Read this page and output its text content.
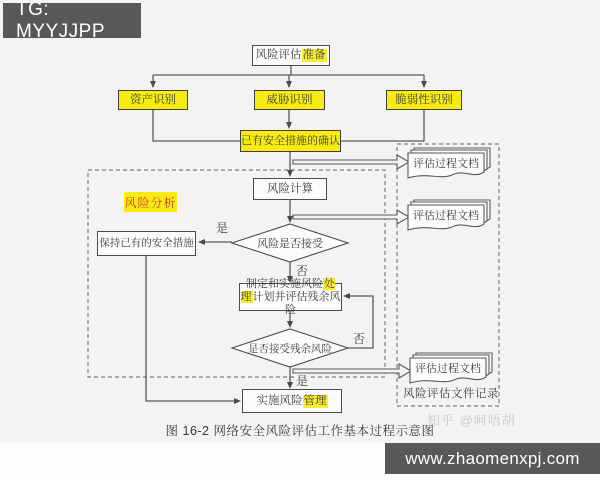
风险评估 准备
资产识别	威胁识别	脆弱性识别
已有安全措施的确认
风险分析
风险计算
风险是否接受
是
否
保持已有的安全措施
制定和实施风险处理计划并评估残余风险
是否接受残余风险
否
是
实施风险 管理
评估过程文档
评估过程文档
评估过程文档
风险评估文件记录
图 16-2 网络安全风险评估工作基本过程示意图
知乎 @呵唔胡
TG: MYYJJPP
www.zhaomenxpj.com
